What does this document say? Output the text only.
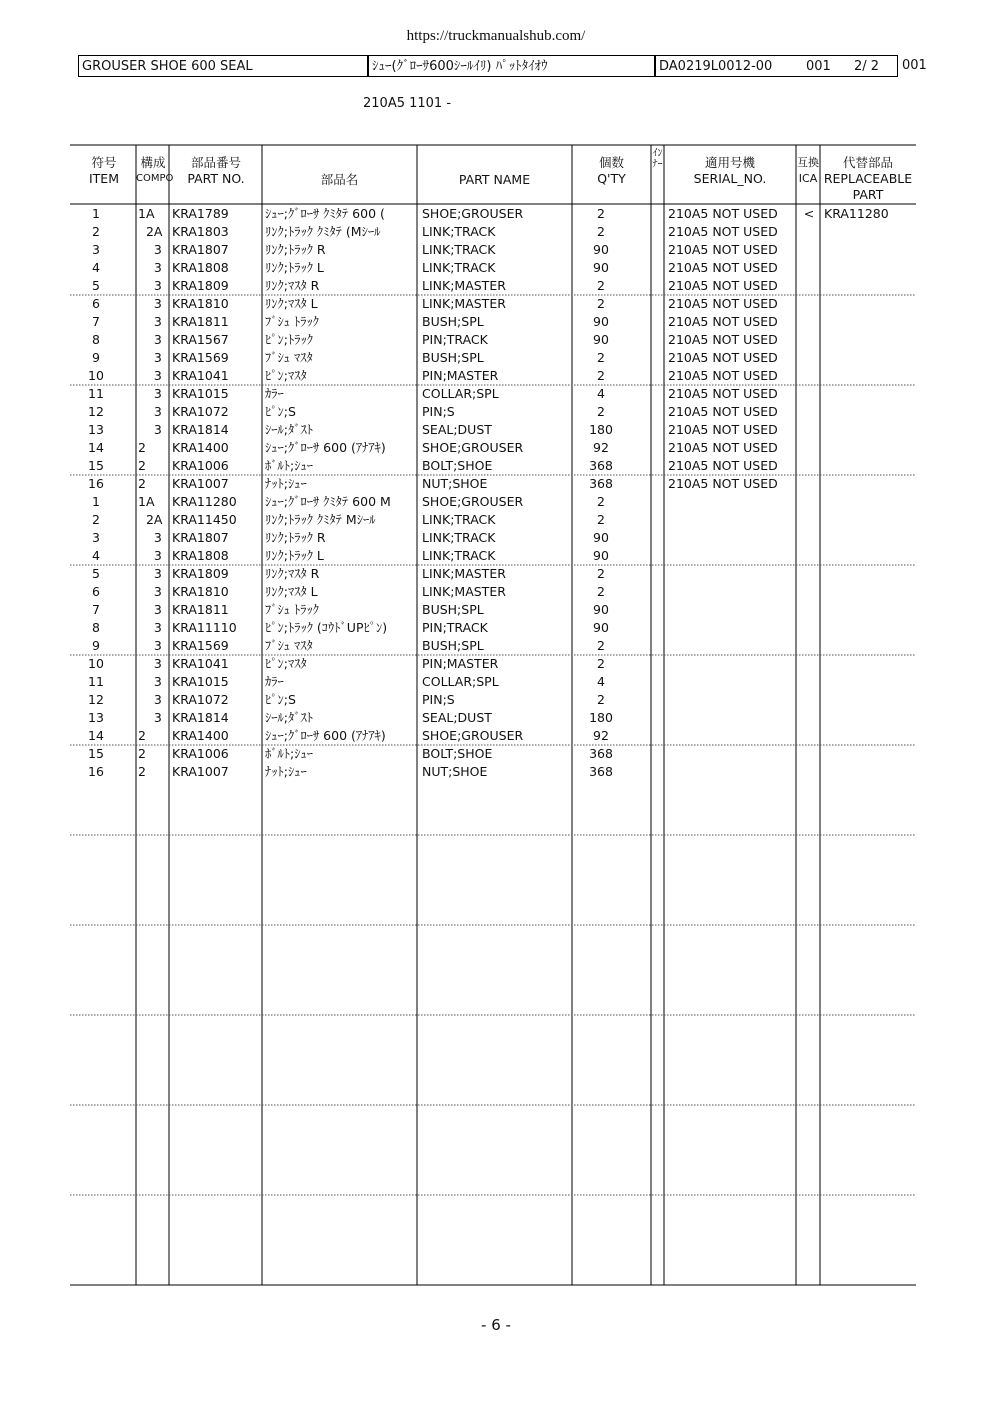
https://truckmanualshub.com/
GROUSER SHOE 600 SEAL	ｼｭｰ(ｸﾞﾛｰｻ600ｼｰﾙｲﾘ) ﾊﾟｯﾄﾀｲｵｳ	DA0219L0012-00	001 2/ 2 001
210A5 1101 -
符号
ITEM
構成
COMPO
部品番号
PART NO.	部品名	PART NAME
個数
Q'TY
ｲﾝﾅｰ	適用号機
SERIAL_NO.
互換
ICA
代替部品
REPLACEABLE
PART
1	1A	KRA1789	ｼｭｰ;ｸﾞﾛｰｻ ｸﾐﾀﾃ 600 (	SHOE;GROUSER	2	210A5 NOT USED	< KRA11280
2	2A KRA1803	ﾘﾝｸ;ﾄﾗｯｸ ｸﾐﾀﾃ (Mｼｰﾙ	LINK;TRACK	2	210A5 NOT USED
3	3 KRA1807	ﾘﾝｸ;ﾄﾗｯｸ R	LINK;TRACK	90	210A5 NOT USED
4	3 KRA1808	ﾘﾝｸ;ﾄﾗｯｸ L	LINK;TRACK	90	210A5 NOT USED
5	3 KRA1809	ﾘﾝｸ;ﾏｽﾀ R	LINK;MASTER	2	210A5 NOT USED
6	3 KRA1810	ﾘﾝｸ;ﾏｽﾀ L	LINK;MASTER	2	210A5 NOT USED
7	3 KRA1811	ﾌﾞｼｭ ﾄﾗｯｸ	BUSH;SPL	90	210A5 NOT USED
8	3 KRA1567	ﾋﾟﾝ;ﾄﾗｯｸ	PIN;TRACK	90	210A5 NOT USED
9	3 KRA1569	ﾌﾞｼｭ ﾏｽﾀ	BUSH;SPL	2	210A5 NOT USED
10	3 KRA1041	ﾋﾟﾝ;ﾏｽﾀ	PIN;MASTER	2	210A5 NOT USED
11	3 KRA1015	ｶﾗｰ	COLLAR;SPL	4	210A5 NOT USED
12	3 KRA1072	ﾋﾟﾝ;S	PIN;S	2	210A5 NOT USED
13	3 KRA1814	ｼｰﾙ;ﾀﾞｽﾄ	SEAL;DUST	180	210A5 NOT USED
14	2	KRA1400	ｼｭｰ;ｸﾞﾛｰｻ 600 (ｱﾅｱｷ)	SHOE;GROUSER	92	210A5 NOT USED
15	2	KRA1006	ﾎﾞﾙﾄ;ｼｭｰ	BOLT;SHOE	368	210A5 NOT USED
16	2	KRA1007	ﾅｯﾄ;ｼｭｰ	NUT;SHOE	368	210A5 NOT USED
1	1A	KRA11280	ｼｭｰ;ｸﾞﾛｰｻ ｸﾐﾀﾃ 600 M	SHOE;GROUSER	2
2	2A KRA11450	ﾘﾝｸ;ﾄﾗｯｸ ｸﾐﾀﾃ Mｼｰﾙ	LINK;TRACK	2
3	3 KRA1807	ﾘﾝｸ;ﾄﾗｯｸ R	LINK;TRACK	90
4	3 KRA1808	ﾘﾝｸ;ﾄﾗｯｸ L	LINK;TRACK	90
5	3 KRA1809	ﾘﾝｸ;ﾏｽﾀ R	LINK;MASTER	2
6	3 KRA1810	ﾘﾝｸ;ﾏｽﾀ L	LINK;MASTER	2
7	3 KRA1811	ﾌﾞｼｭ ﾄﾗｯｸ	BUSH;SPL	90
8	3 KRA11110	ﾋﾟﾝ;ﾄﾗｯｸ (ｺｳﾄﾞUPﾋﾟﾝ)	PIN;TRACK	90
9	3 KRA1569	ﾌﾞｼｭ ﾏｽﾀ	BUSH;SPL	2
10	3 KRA1041	ﾋﾟﾝ;ﾏｽﾀ	PIN;MASTER	2
11	3 KRA1015	ｶﾗｰ	COLLAR;SPL	4
12	3 KRA1072	ﾋﾟﾝ;S	PIN;S	2
13	3 KRA1814	ｼｰﾙ;ﾀﾞｽﾄ	SEAL;DUST	180
14	2	KRA1400	ｼｭｰ;ｸﾞﾛｰｻ 600 (ｱﾅｱｷ)	SHOE;GROUSER	92
15	2	KRA1006	ﾎﾞﾙﾄ;ｼｭｰ	BOLT;SHOE	368
16	2	KRA1007	ﾅｯﾄ;ｼｭｰ	NUT;SHOE	368
- 6 -
